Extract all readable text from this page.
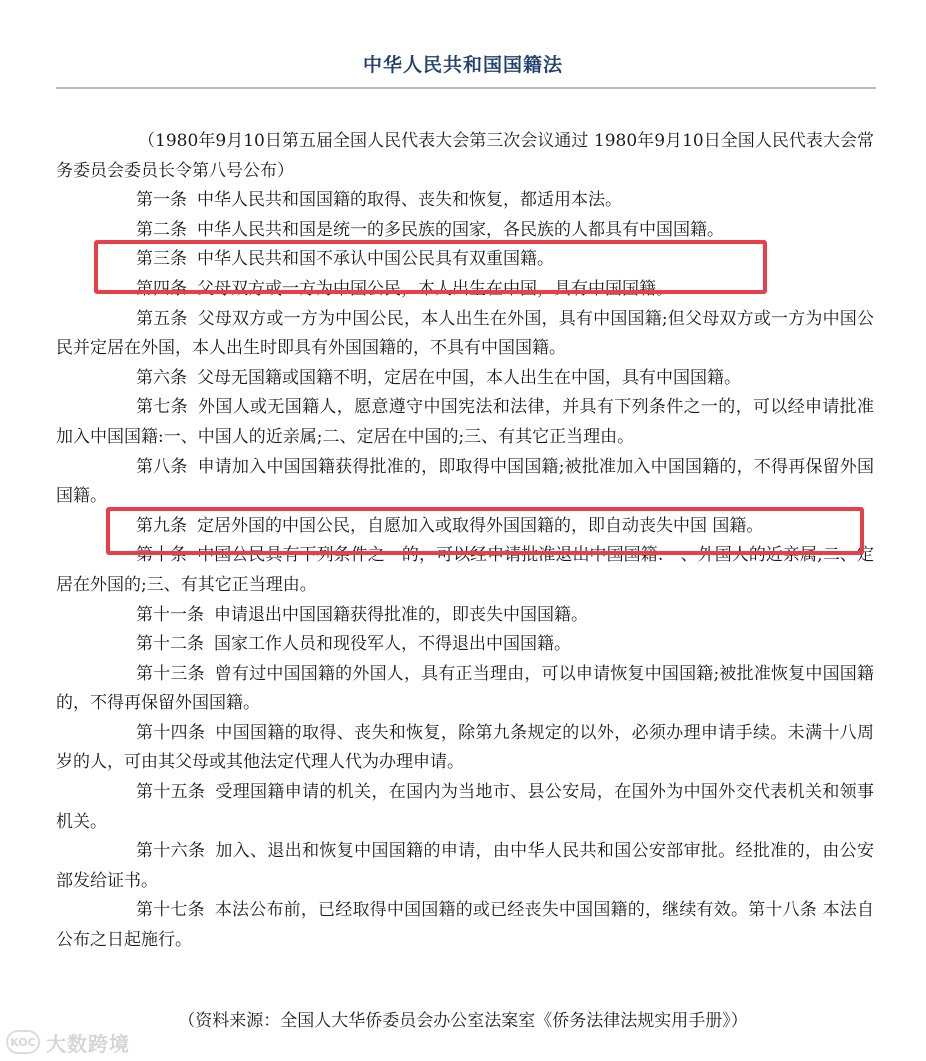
中华人民共和国国籍法

（1980年9月10日第五届全国人民代表大会第三次会议通过 1980年9月10日全国人民代表大会常务委员会委员长令第八号公布）

第一条 中华人民共和国国籍的取得、丧失和恢复，都适用本法。

第二条 中华人民共和国是统一的多民族的国家，各民族的人都具有中国国籍。

第三条 中华人民共和国不承认中国公民具有双重国籍。

第四条 父母双方或一方为中国公民，本人出生在中国，具有中国国籍。

第五条 父母双方或一方为中国公民，本人出生在外国，具有中国国籍;但父母双方或一方为中国公民并定居在外国，本人出生时即具有外国国籍的，不具有中国国籍。

第六条 父母无国籍或国籍不明，定居在中国，本人出生在中国，具有中国国籍。

第七条 外国人或无国籍人，愿意遵守中国宪法和法律，并具有下列条件之一的，可以经申请批准加入中国国籍:一、中国人的近亲属;二、定居在中国的;三、有其它正当理由。

第八条 申请加入中国国籍获得批准的，即取得中国国籍;被批准加入中国国籍的，不得再保留外国国籍。

第九条 定居外国的中国公民，自愿加入或取得外国国籍的，即自动丧失中国 国籍。

第十条 中国公民具有下列条件之一的，可以经申请批准退出中国国籍:一、外国人的近亲属;二、定居在外国的;三、有其它正当理由。

第十一条 申请退出中国国籍获得批准的，即丧失中国国籍。

第十二条 国家工作人员和现役军人，不得退出中国国籍。

第十三条 曾有过中国国籍的外国人，具有正当理由，可以申请恢复中国国籍;被批准恢复中国国籍的，不得再保留外国国籍。

第十四条 中国国籍的取得、丧失和恢复，除第九条规定的以外，必须办理申请手续。未满十八周岁的人，可由其父母或其他法定代理人代为办理申请。

第十五条 受理国籍申请的机关，在国内为当地市、县公安局，在国外为中国外交代表机关和领事机关。

第十六条 加入、退出和恢复中国国籍的申请，由中华人民共和国公安部审批。经批准的，由公安部发给证书。

第十七条 本法公布前，已经取得中国国籍的或已经丧失中国国籍的，继续有效。第十八条 本法自公布之日起施行。

（资料来源：全国人大华侨委员会办公室法案室《侨务法律法规实用手册》）

KOC 大数跨境
